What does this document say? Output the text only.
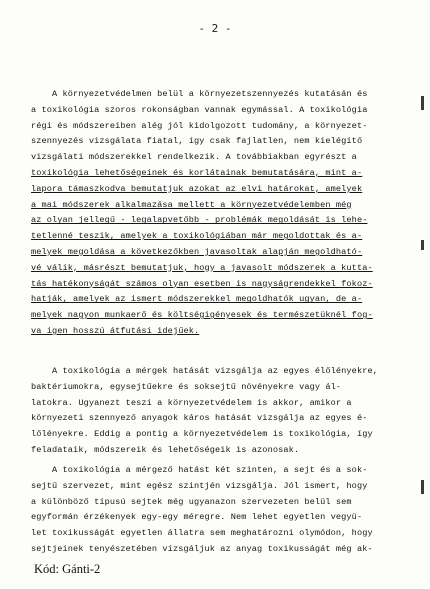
- 2 -
A környezetvédelmen belül a környezetszennyezés kutatásán és
a toxikológia szoros rokonságban vannak egymással. A toxikológia
régi és módszereiben alég jól kidolgozott tudomány, a környezet-
szennyezés vizsgálata fiatal, így csak fajlatlen, nem kielégítő
vizsgálati módszerekkel rendelkezik. A továbbiakban egyrészt a
toxikológia lehetőségeinek és korlátainak bemutatására, mint a-
lapora támaszkodva bemutatjuk azokat az elvi határokat, amelyek
a mai módszerek alkalmazása mellett a környezetvédelemben még
az olyan jellegű - legalapvetőbb - problémák megoldását is lehe-
tetlenné teszik, amelyek a toxikológiában már megoldottak és a-
melyek megoldása a következőkben javasoltak alapján megoldható-
vé válik, másrészt bemutatjuk, hogy a javasolt módszerek a kutta-
tás hatékonyságát számos olyan esetben is nagyságrendekkel fokoz-
hatják, amelyek az ismert módszerekkel megoldhatók ugyan, de a-
melyek nagyon munkaerő és költségigényesek és természetüknél fog-
va igen hosszú átfutási idejűek.
A toxikológia a mérgek hatását vizsgálja az egyes élőlényekre,
baktériumokra, egysejtűekre és soksejtű növényekre vagy ál-
latokra. Ugyanezt teszi a környezetvédelem is akkor, amikor a
környezeti szennyező anyagok káros hatását vizsgálja az egyes é-
lőlényekre. Eddig a pontig a környezetvédelem is toxikológia, így
feladataik, módszereik és lehetőségeik is azonosak.
A toxikológia a mérgező hatást két szinten, a sejt és a sok-
sejtű szervezet, mint egész szintjén vizsgálja. Jól ismert, hogy
a különböző típusú sejtek még ugyanazon szervezeten belül sem
egyformán érzékenyek egy-egy méregre. Nem lehet egyetlen vegyü-
let toxikusságát egyetlen állatra sem meghatározni olymódon, hogy
sejtjeinek tenyészetében vizsgáljuk az anyag toxikusságát még ak-
Kód: Gánti-2
